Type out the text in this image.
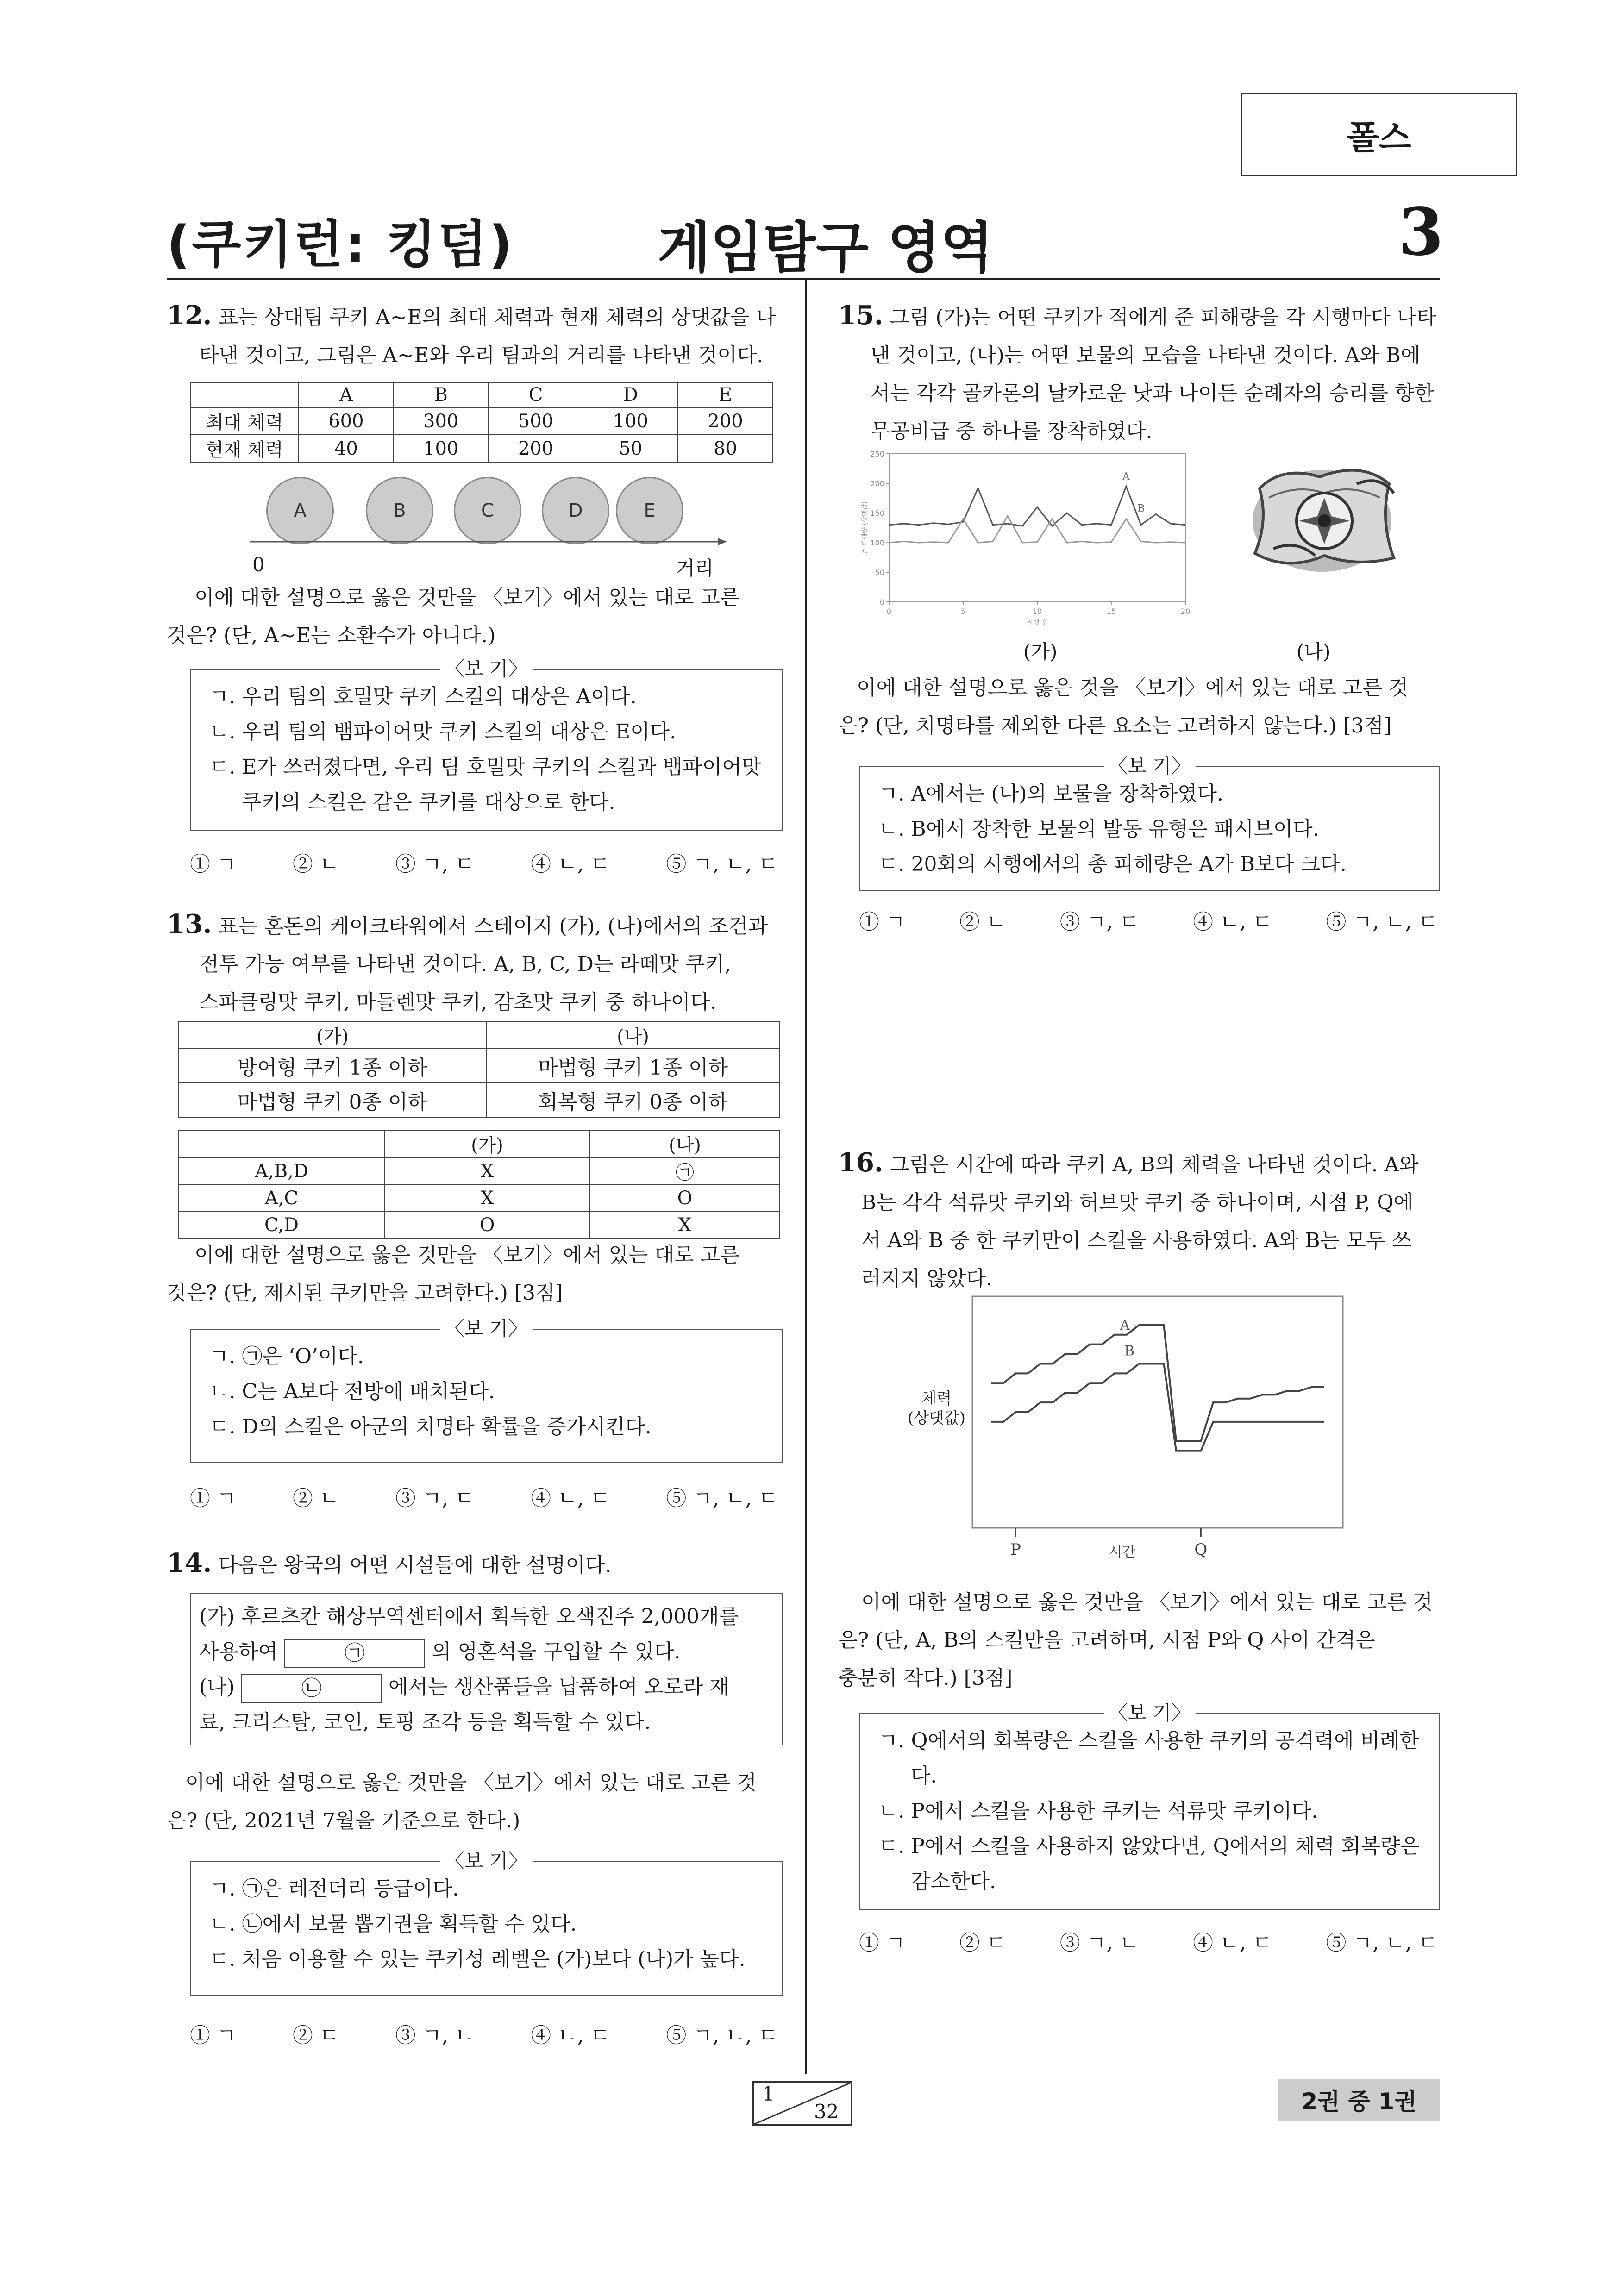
폴스
(쿠키런: 킹덤)	게임탐구 영역	3

12. 표는 상대팀 쿠키 A~E의 최대 체력과 현재 체력의 상댓값을 나

타낸 것이고, 그림은 A~E와 우리 팀과의 거리를 나타낸 것이다.

	A	B	C	D	E
최대 체력	600	300	500	100	200
현재 체력	40	100	200	50	80
A	B	C	D	E
0	거리

이에 대한 설명으로 옳은 것만을 〈보기〉에서 있는 대로 고른

것은? (단, A~E는 소환수가 아니다.)

〈보 기〉

ㄱ. 우리 팀의 호밀맛 쿠키 스킬의 대상은 A이다.

ㄴ. 우리 팀의 뱀파이어맛 쿠키 스킬의 대상은 E이다.

ㄷ. E가 쓰러졌다면, 우리 팀 호밀맛 쿠키의 스킬과 뱀파이어맛 쿠키의 스킬은 같은 쿠키를 대상으로 한다.

① ㄱ	② ㄴ	③ ㄱ, ㄷ	④ ㄴ, ㄷ	⑤ ㄱ, ㄴ, ㄷ

13. 표는 혼돈의 케이크타워에서 스테이지 (가), (나)에서의 조건과

전투 가능 여부를 나타낸 것이다. A, B, C, D는 라떼맛 쿠키,

스파클링맛 쿠키, 마들렌맛 쿠키, 감초맛 쿠키 중 하나이다.

(가)	(나)
방어형 쿠키 1종 이하	마법형 쿠키 1종 이하
마법형 쿠키 0종 이하	회복형 쿠키 0종 이하
	(가)	(나)
A,B,D	X	㉠
A,C	X	O
C,D	O	X

이에 대한 설명으로 옳은 것만을 〈보기〉에서 있는 대로 고른

것은? (단, 제시된 쿠키만을 고려한다.) [3점]

〈보 기〉

ㄱ. ㉠은 ‘O’이다.

ㄴ. C는 A보다 전방에 배치된다.

ㄷ. D의 스킬은 아군의 치명타 확률을 증가시킨다.

① ㄱ	② ㄴ	③ ㄱ, ㄷ	④ ㄴ, ㄷ	⑤ ㄱ, ㄴ, ㄷ

14. 다음은 왕국의 어떤 시설들에 대한 설명이다.

(가) 후르츠칸 해상무역센터에서 획득한 오색진주 2,000개를
사용하여	㉠	의 영혼석을 구입할 수 있다.
(나)	㉡	에서는 생산품들을 납품하여 오로라 재
료, 크리스탈, 코인, 토핑 조각 등을 획득할 수 있다.

이에 대한 설명으로 옳은 것만을 〈보기〉에서 있는 대로 고른 것

은? (단, 2021년 7월을 기준으로 한다.)

〈보 기〉

ㄱ. ㉠은 레전더리 등급이다.

ㄴ. ㉡에서 보물 뽑기권을 획득할 수 있다.

ㄷ. 처음 이용할 수 있는 쿠키성 레벨은 (가)보다 (나)가 높다.

① ㄱ	② ㄷ	③ ㄱ, ㄴ	④ ㄴ, ㄷ	⑤ ㄱ, ㄴ, ㄷ

15. 그림 (가)는 어떤 쿠키가 적에게 준 피해량을 각 시행마다 나타

낸 것이고, (나)는 어떤 보물의 모습을 나타낸 것이다. A와 B에

서는 각각 골카론의 날카로운 낫과 나이든 순례자의 승리를 향한

무공비급 중 하나를 장착하였다.

0
50
100
150
200
250
0	5	10	15	20
시행 수
준 피해량 (상댓값)
A
B
(가)	(나)

이에 대한 설명으로 옳은 것을 〈보기〉에서 있는 대로 고른 것

은? (단, 치명타를 제외한 다른 요소는 고려하지 않는다.) [3점]

〈보 기〉

ㄱ. A에서는 (나)의 보물을 장착하였다.

ㄴ. B에서 장착한 보물의 발동 유형은 패시브이다.

ㄷ. 20회의 시행에서의 총 피해량은 A가 B보다 크다.

① ㄱ	② ㄴ	③ ㄱ, ㄷ	④ ㄴ, ㄷ	⑤ ㄱ, ㄴ, ㄷ

16. 그림은 시간에 따라 쿠키 A, B의 체력을 나타낸 것이다. A와

B는 각각 석류맛 쿠키와 허브맛 쿠키 중 하나이며, 시점 P, Q에

서 A와 B 중 한 쿠키만이 스킬을 사용하였다. A와 B는 모두 쓰

러지지 않았다.

체력
(상댓값)
P	Q
시간
A
B

이에 대한 설명으로 옳은 것만을 〈보기〉에서 있는 대로 고른 것

은? (단, A, B의 스킬만을 고려하며, 시점 P와 Q 사이 간격은

충분히 작다.) [3점]

〈보 기〉

ㄱ. Q에서의 회복량은 스킬을 사용한 쿠키의 공격력에 비례한다.

ㄴ. P에서 스킬을 사용한 쿠키는 석류맛 쿠키이다.

ㄷ. P에서 스킬을 사용하지 않았다면, Q에서의 체력 회복량은 감소한다.

① ㄱ	② ㄷ	③ ㄱ, ㄴ	④ ㄴ, ㄷ	⑤ ㄱ, ㄴ, ㄷ
1
32	2권 중 1권
